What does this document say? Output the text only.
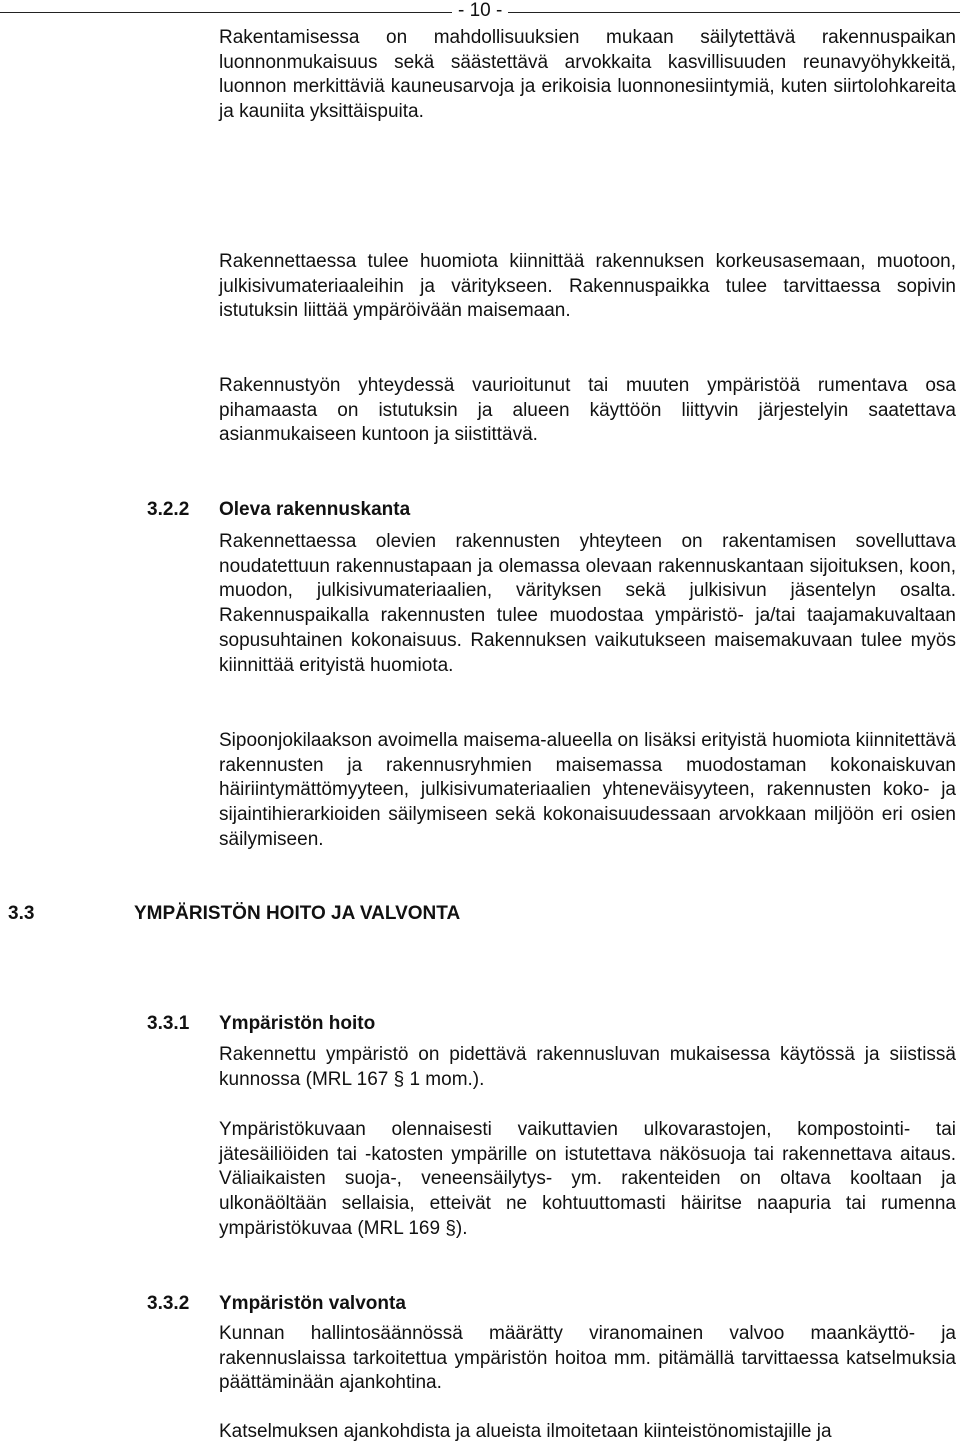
- 10 -

Rakentamisessa on mahdollisuuksien mukaan säilytettävä rakennuspaikan luonnonmukaisuus sekä säästettävä arvokkaita kasvillisuuden reunavyöhykkeitä, luonnon merkittäviä kauneusarvoja ja erikoisia luonnonesiintymiä, kuten siirtolohkareita ja kauniita yksittäispuita.

Rakennettaessa tulee huomiota kiinnittää rakennuksen korkeusasemaan, muotoon, julkisivumateriaaleihin ja väritykseen. Rakennuspaikka tulee tarvittaessa sopivin istutuksin liittää ympäröivään maisemaan.

Rakennustyön yhteydessä vaurioitunut tai muuten ympäristöä rumentava osa pihamaasta on istutuksin ja alueen käyttöön liittyvin järjestelyin saatettava asianmukaiseen kuntoon ja siistittävä.

3.2.2 Oleva rakennuskanta

Rakennettaessa olevien rakennusten yhteyteen on rakentamisen sovelluttava noudatettuun rakennustapaan ja olemassa olevaan rakennuskantaan sijoituksen, koon, muodon, julkisivumateriaalien, värityksen sekä julkisivun jäsentelyn osalta. Rakennuspaikalla rakennusten tulee muodostaa ympäristö- ja/tai taajamakuvaltaan sopusuhtainen kokonaisuus. Rakennuksen vaikutukseen maisemakuvaan tulee myös kiinnittää erityistä huomiota.

Sipoonjokilaakson avoimella maisema-alueella on lisäksi erityistä huomiota kiinnitettävä rakennusten ja rakennusryhmien maisemassa muodostaman kokonaiskuvan häiriintymättömyyteen, julkisivumateriaalien yhteneväisyyteen, rakennusten koko- ja sijaintihierarkioiden säilymiseen sekä kokonaisuudessaan arvokkaan miljöön eri osien säilymiseen.

3.3	YMPÄRISTÖN HOITO JA VALVONTA
3.3.1 Ympäristön hoito

Rakennettu ympäristö on pidettävä rakennusluvan mukaisessa käytössä ja siistissä kunnossa (MRL 167 § 1 mom.).

Ympäristökuvaan olennaisesti vaikuttavien ulkovarastojen, kompostointi- tai jätesäiliöiden tai -katosten ympärille on istutettava näkösuoja tai rakennettava aitaus. Väliaikaisten suoja-, veneensäilytys- ym. rakenteiden on oltava kooltaan ja ulkonäöltään sellaisia, etteivät ne kohtuuttomasti häiritse naapuria tai rumenna ympäristökuvaa (MRL 169 §).

3.3.2 Ympäristön valvonta

Kunnan hallintosäännössä määrätty viranomainen valvoo maankäyttö- ja rakennuslaissa tarkoitettua ympäristön hoitoa mm. pitämällä tarvittaessa katselmuksia päättäminään ajankohtina.

Katselmuksen ajankohdista ja alueista ilmoitetaan kiinteistönomistajille ja
